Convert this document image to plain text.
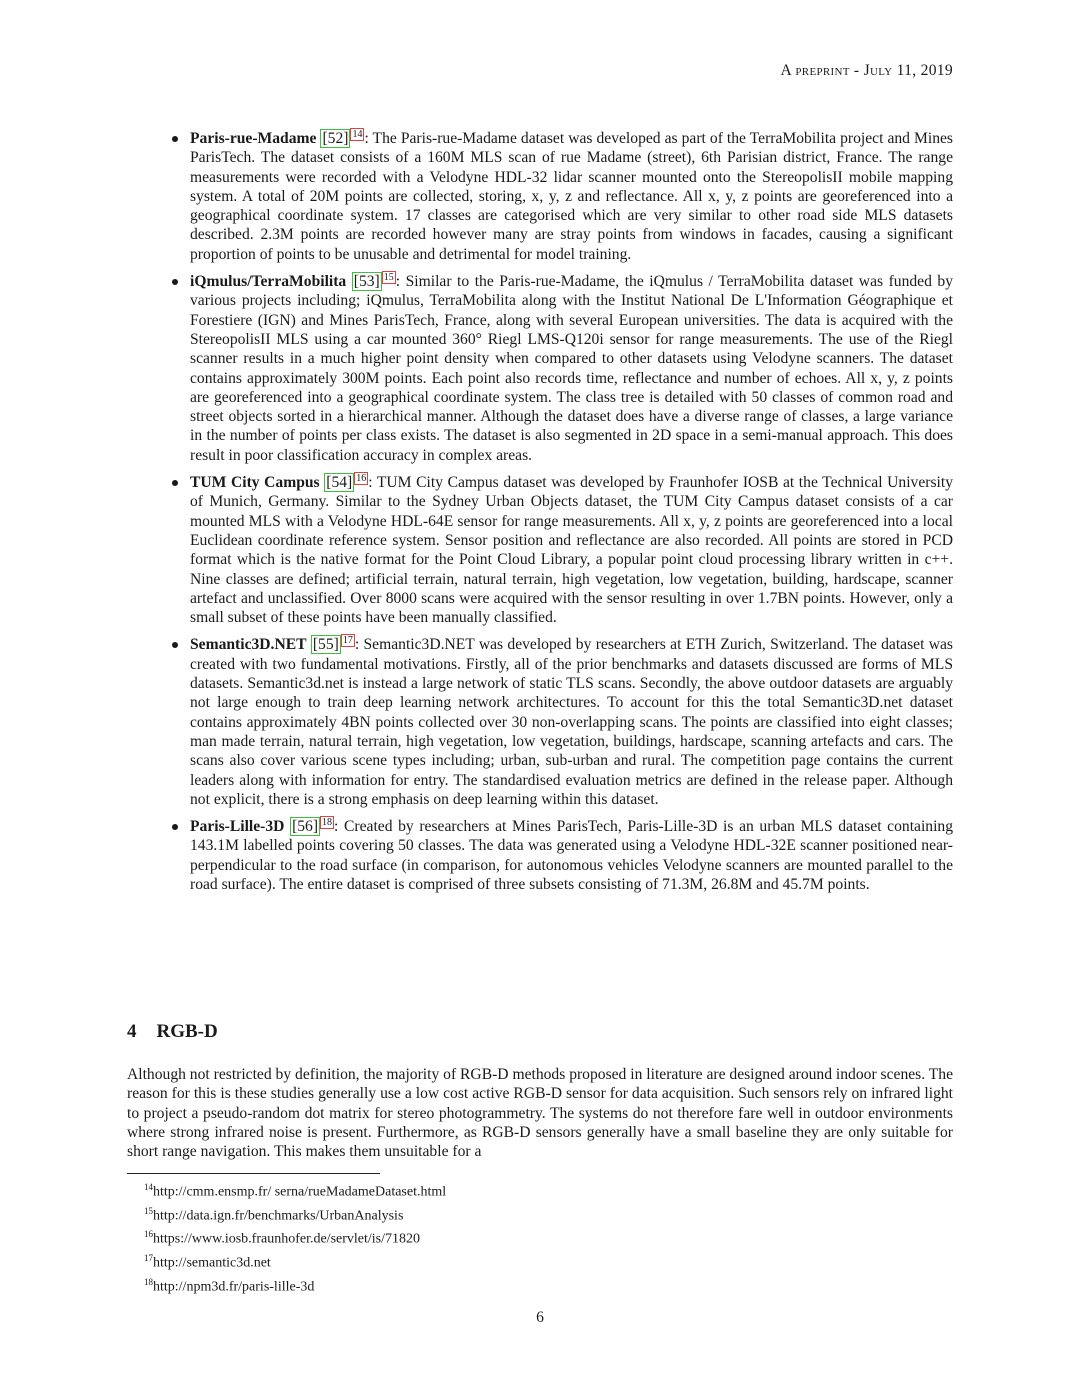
A preprint - July 11, 2019
Paris-rue-Madame [52] $^{14}$ : The Paris-rue-Madame dataset was developed as part of the TerraMobilita project and Mines ParisTech. The dataset consists of a 160M MLS scan of rue Madame (street), 6th Parisian district, France. The range measurements were recorded with a Velodyne HDL-32 lidar scanner mounted onto the StereopolisII mobile mapping system. A total of 20M points are collected, storing, x, y, z and reflectance. All x, y, z points are georeferenced into a geographical coordinate system. 17 classes are categorised which are very similar to other road side MLS datasets described. 2.3M points are recorded however many are stray points from windows in facades, causing a significant proportion of points to be unusable and detrimental for model training.
iQmulus/TerraMobilita [53] $^{15}$ : Similar to the Paris-rue-Madame, the iQmulus / TerraMobilita dataset was funded by various projects including; iQmulus, TerraMobilita along with the Institut National De L'Information Géographique et Forestiere (IGN) and Mines ParisTech, France, along with several European universities. The data is acquired with the StereopolisII MLS using a car mounted 360° Riegl LMS-Q120i sensor for range measurements. The use of the Riegl scanner results in a much higher point density when compared to other datasets using Velodyne scanners. The dataset contains approximately 300M points. Each point also records time, reflectance and number of echoes. All x, y, z points are georeferenced into a geographical coordinate system. The class tree is detailed with 50 classes of common road and street objects sorted in a hierarchical manner. Although the dataset does have a diverse range of classes, a large variance in the number of points per class exists. The dataset is also segmented in 2D space in a semi-manual approach. This does result in poor classification accuracy in complex areas.
TUM City Campus [54] $^{16}$ : TUM City Campus dataset was developed by Fraunhofer IOSB at the Technical University of Munich, Germany. Similar to the Sydney Urban Objects dataset, the TUM City Campus dataset consists of a car mounted MLS with a Velodyne HDL-64E sensor for range measurements. All x, y, z points are georeferenced into a local Euclidean coordinate reference system. Sensor position and reflectance are also recorded. All points are stored in PCD format which is the native format for the Point Cloud Library, a popular point cloud processing library written in c++. Nine classes are defined; artificial terrain, natural terrain, high vegetation, low vegetation, building, hardscape, scanner artefact and unclassified. Over 8000 scans were acquired with the sensor resulting in over 1.7BN points. However, only a small subset of these points have been manually classified.
Semantic3D.NET [55] $^{17}$ : Semantic3D.NET was developed by researchers at ETH Zurich, Switzerland. The dataset was created with two fundamental motivations. Firstly, all of the prior benchmarks and datasets discussed are forms of MLS datasets. Semantic3d.net is instead a large network of static TLS scans. Secondly, the above outdoor datasets are arguably not large enough to train deep learning network architectures. To account for this the total Semantic3D.net dataset contains approximately 4BN points collected over 30 non-overlapping scans. The points are classified into eight classes; man made terrain, natural terrain, high vegetation, low vegetation, buildings, hardscape, scanning artefacts and cars. The scans also cover various scene types including; urban, sub-urban and rural. The competition page contains the current leaders along with information for entry. The standardised evaluation metrics are defined in the release paper. Although not explicit, there is a strong emphasis on deep learning within this dataset.
Paris-Lille-3D [56] $^{18}$ : Created by researchers at Mines ParisTech, Paris-Lille-3D is an urban MLS dataset containing 143.1M labelled points covering 50 classes. The data was generated using a Velodyne HDL-32E scanner positioned near-perpendicular to the road surface (in comparison, for autonomous vehicles Velodyne scanners are mounted parallel to the road surface). The entire dataset is comprised of three subsets consisting of 71.3M, 26.8M and 45.7M points.
4 RGB-D

Although not restricted by definition, the majority of RGB-D methods proposed in literature are designed around indoor scenes. The reason for this is these studies generally use a low cost active RGB-D sensor for data acquisition. Such sensors rely on infrared light to project a pseudo-random dot matrix for stereo photogrammetry. The systems do not therefore fare well in outdoor environments where strong infrared noise is present. Furthermore, as RGB-D sensors generally have a small baseline they are only suitable for short range navigation. This makes them unsuitable for a

$^{14}$http://cmm.ensmp.fr/ serna/rueMadameDataset.html
$^{15}$http://data.ign.fr/benchmarks/UrbanAnalysis
$^{16}$https://www.iosb.fraunhofer.de/servlet/is/71820
$^{17}$http://semantic3d.net
$^{18}$http://npm3d.fr/paris-lille-3d
6
